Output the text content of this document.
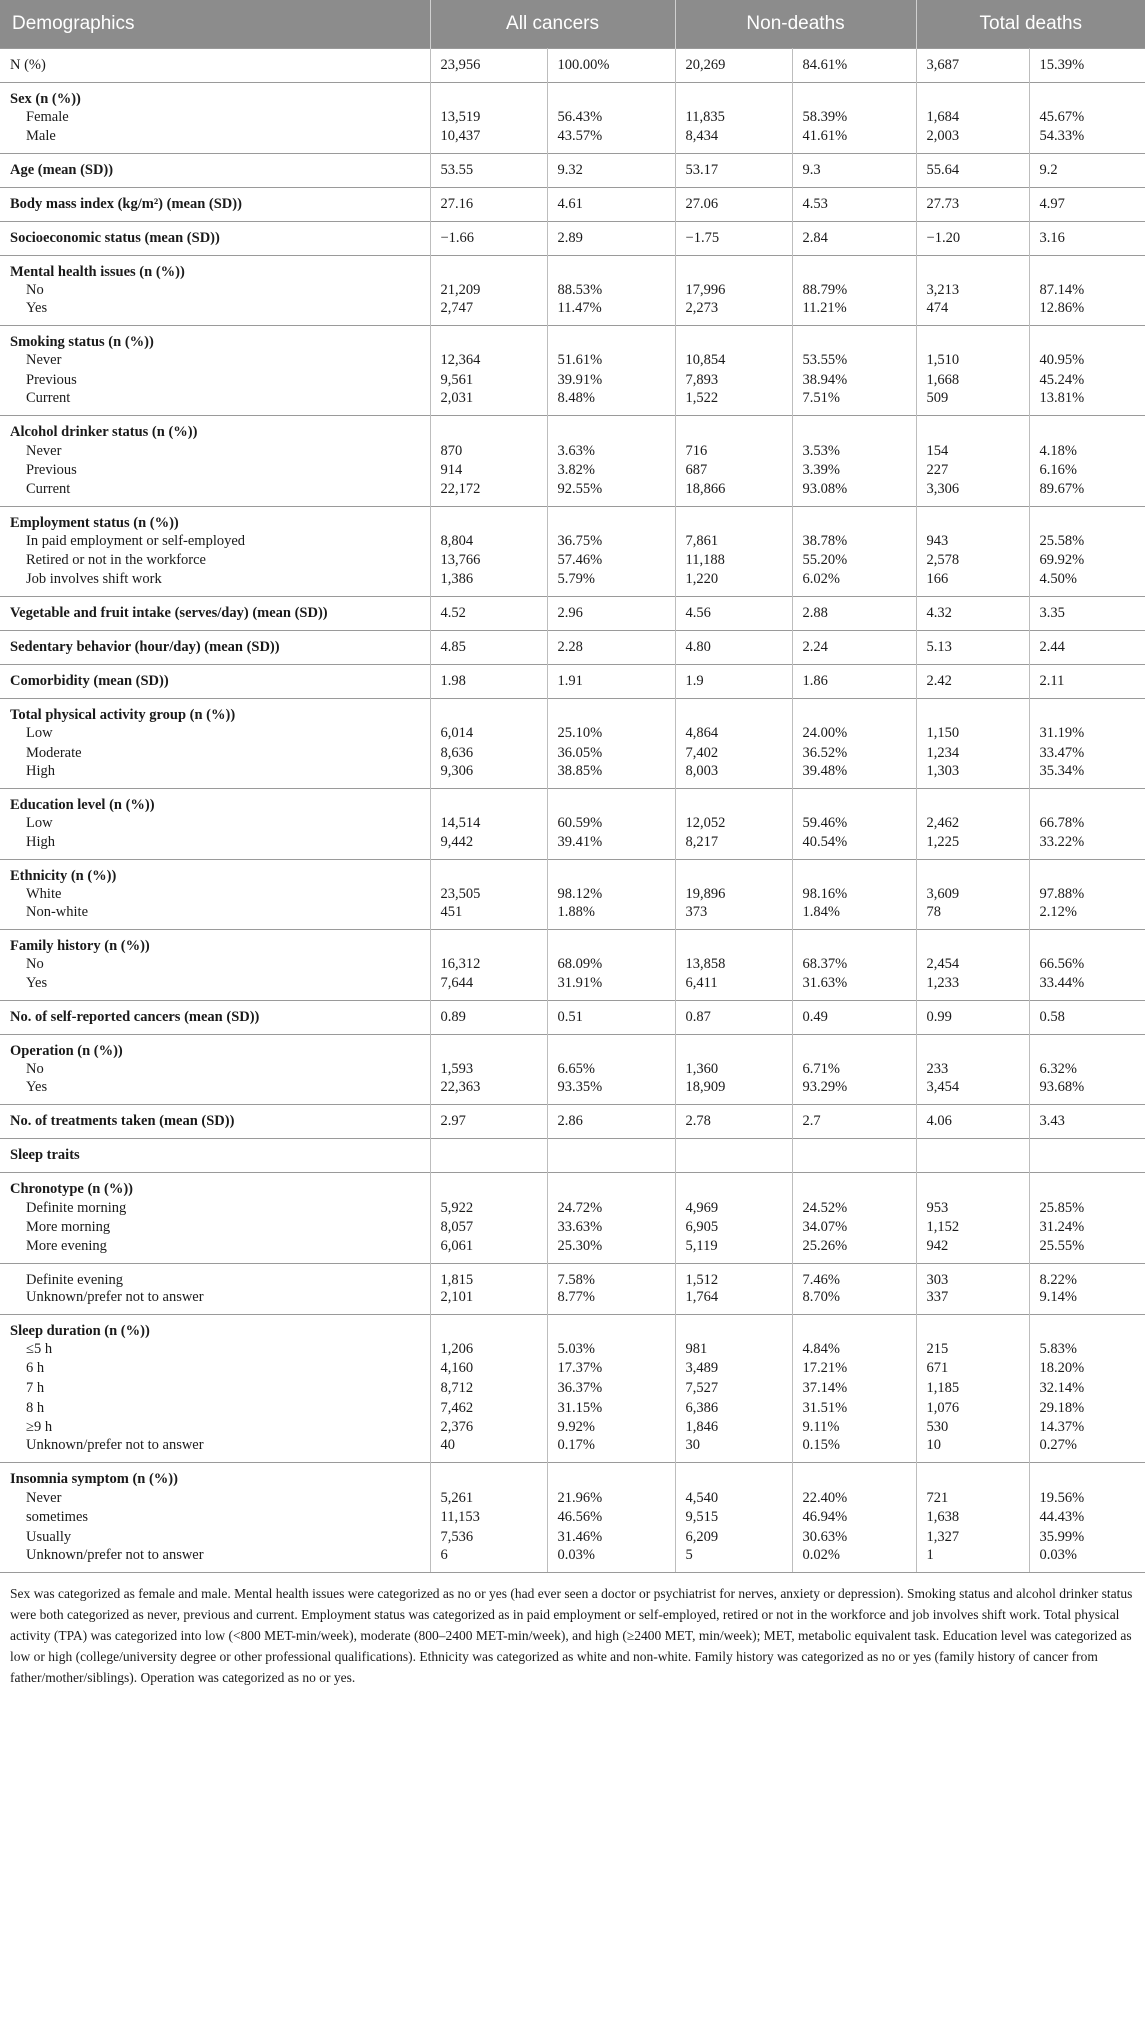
Demographics	All cancers		Non-deaths		Total deaths	
N (%)	23,956	100.00%	20,269	84.61%	3,687	15.39%
Sex (n (%))						
Female	13,519	56.43%	11,835	58.39%	1,684	45.67%
Male	10,437	43.57%	8,434	41.61%	2,003	54.33%
Age (mean (SD))	53.55	9.32	53.17	9.3	55.64	9.2
Body mass index (kg/m²) (mean (SD))	27.16	4.61	27.06	4.53	27.73	4.97
Socioeconomic status (mean (SD))	−1.66	2.89	−1.75	2.84	−1.20	3.16
Mental health issues (n (%))						
No	21,209	88.53%	17,996	88.79%	3,213	87.14%
Yes	2,747	11.47%	2,273	11.21%	474	12.86%
Smoking status (n (%))						
Never	12,364	51.61%	10,854	53.55%	1,510	40.95%
Previous	9,561	39.91%	7,893	38.94%	1,668	45.24%
Current	2,031	8.48%	1,522	7.51%	509	13.81%
Alcohol drinker status (n (%))						
Never	870	3.63%	716	3.53%	154	4.18%
Previous	914	3.82%	687	3.39%	227	6.16%
Current	22,172	92.55%	18,866	93.08%	3,306	89.67%
Employment status (n (%))						
In paid employment or self-employed	8,804	36.75%	7,861	38.78%	943	25.58%
Retired or not in the workforce	13,766	57.46%	11,188	55.20%	2,578	69.92%
Job involves shift work	1,386	5.79%	1,220	6.02%	166	4.50%
Vegetable and fruit intake (serves/day) (mean (SD))	4.52	2.96	4.56	2.88	4.32	3.35
Sedentary behavior (hour/day) (mean (SD))	4.85	2.28	4.80	2.24	5.13	2.44
Comorbidity (mean (SD))	1.98	1.91	1.9	1.86	2.42	2.11
Total physical activity group (n (%))						
Low	6,014	25.10%	4,864	24.00%	1,150	31.19%
Moderate	8,636	36.05%	7,402	36.52%	1,234	33.47%
High	9,306	38.85%	8,003	39.48%	1,303	35.34%
Education level (n (%))						
Low	14,514	60.59%	12,052	59.46%	2,462	66.78%
High	9,442	39.41%	8,217	40.54%	1,225	33.22%
Ethnicity (n (%))						
White	23,505	98.12%	19,896	98.16%	3,609	97.88%
Non-white	451	1.88%	373	1.84%	78	2.12%
Family history (n (%))						
No	16,312	68.09%	13,858	68.37%	2,454	66.56%
Yes	7,644	31.91%	6,411	31.63%	1,233	33.44%
No. of self-reported cancers (mean (SD))	0.89	0.51	0.87	0.49	0.99	0.58
Operation (n (%))						
No	1,593	6.65%	1,360	6.71%	233	6.32%
Yes	22,363	93.35%	18,909	93.29%	3,454	93.68%
No. of treatments taken (mean (SD))	2.97	2.86	2.78	2.7	4.06	3.43
Sleep traits						
Chronotype (n (%))						
Definite morning	5,922	24.72%	4,969	24.52%	953	25.85%
More morning	8,057	33.63%	6,905	34.07%	1,152	31.24%
More evening	6,061	25.30%	5,119	25.26%	942	25.55%
Definite evening	1,815	7.58%	1,512	7.46%	303	8.22%
Unknown/prefer not to answer	2,101	8.77%	1,764	8.70%	337	9.14%
Sleep duration (n (%))						
≤5 h	1,206	5.03%	981	4.84%	215	5.83%
6 h	4,160	17.37%	3,489	17.21%	671	18.20%
7 h	8,712	36.37%	7,527	37.14%	1,185	32.14%
8 h	7,462	31.15%	6,386	31.51%	1,076	29.18%
≥9 h	2,376	9.92%	1,846	9.11%	530	14.37%
Unknown/prefer not to answer	40	0.17%	30	0.15%	10	0.27%
Insomnia symptom (n (%))						
Never	5,261	21.96%	4,540	22.40%	721	19.56%
sometimes	11,153	46.56%	9,515	46.94%	1,638	44.43%
Usually	7,536	31.46%	6,209	30.63%	1,327	35.99%
Unknown/prefer not to answer	6	0.03%	5	0.02%	1	0.03%
Sex was categorized as female and male. Mental health issues were categorized as no or yes (had ever seen a doctor or psychiatrist for nerves, anxiety or depression). Smoking status and alcohol drinker status were both categorized as never, previous and current. Employment status was categorized as in paid employment or self-employed, retired or not in the workforce and job involves shift work. Total physical activity (TPA) was categorized into low (<800 MET-min/week), moderate (800–2400 MET-min/week), and high (≥2400 MET, min/week); MET, metabolic equivalent task. Education level was categorized as low or high (college/university degree or other professional qualifications). Ethnicity was categorized as white and non-white. Family history was categorized as no or yes (family history of cancer from father/mother/siblings). Operation was categorized as no or yes.
